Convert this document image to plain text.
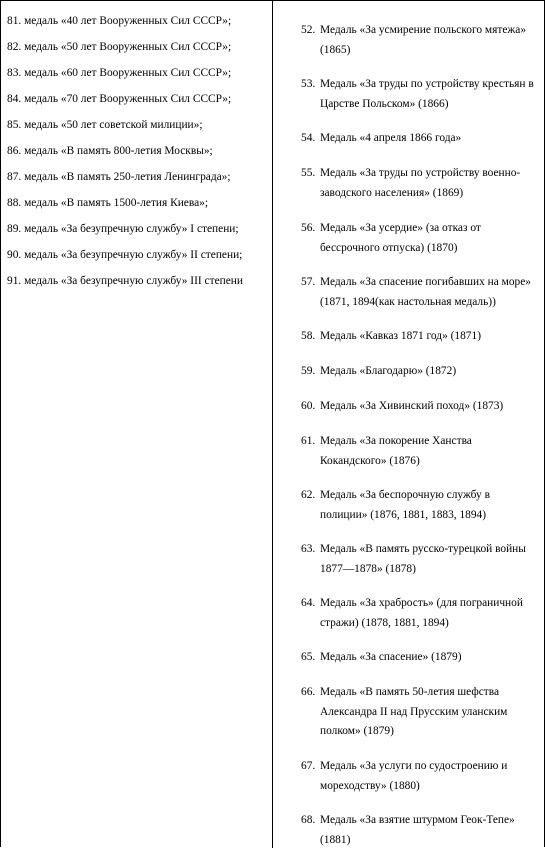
81. медаль «40 лет Вооруженных Сил СССР»;
82. медаль «50 лет Вооруженных Сил СССР»;
83. медаль «60 лет Вооруженных Сил СССР»;
84. медаль «70 лет Вооруженных Сил СССР»;
85. медаль «50 лет советской милиции»;
86. медаль «В память 800-летия Москвы»;
87. медаль «В память 250-летия Ленинграда»;
88. медаль «В память 1500-летия Киева»;
89. медаль «За безупречную службу» I степени;
90. медаль «За безупречную службу» II степени;
91. медаль «За безупречную службу» III степени
52. Медаль «За усмирение польского мятежа» (1865)
53. Медаль «За труды по устройству крестьян в Царстве Польском» (1866)
54. Медаль «4 апреля 1866 года»
55. Медаль «За труды по устройству военно-заводского населения» (1869)
56. Медаль «За усердие» (за отказ от бессрочного отпуска) (1870)
57. Медаль «За спасение погибавших на море» (1871, 1894(как настольная медаль))
58. Медаль «Кавказ 1871 год» (1871)
59. Медаль «Благодарю» (1872)
60. Медаль «За Хивинский поход» (1873)
61. Медаль «За покорение Ханства Кокандского» (1876)
62. Медаль «За беспорочную службу в полиции» (1876, 1881, 1883, 1894)
63. Медаль «В память русско-турецкой войны 1877—1878» (1878)
64. Медаль «За храбрость» (для пограничной стражи) (1878, 1881, 1894)
65. Медаль «За спасение» (1879)
66. Медаль «В память 50-летия шефства Александра II над Прусским уланским полком» (1879)
67. Медаль «За услуги по судостроению и мореходству» (1880)
68. Медаль «За взятие штурмом Геок-Тепе» (1881)
